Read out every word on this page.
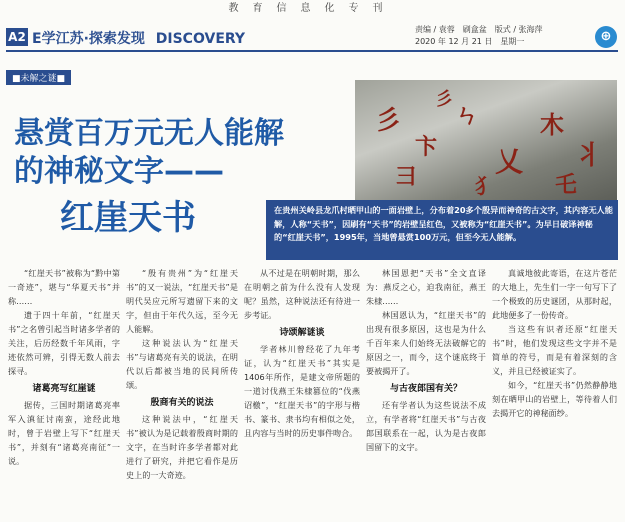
教育信息化专刊
A2 E学江苏·探索发现 DISCOVERY
责编 / 袁蓉　刷盒盆　版式 / 张海萍
2020 年 12 月 21 日　星期一	⊕
■未解之谜■
彡
卞
ㄣ
乂
木
丬
彐	犭	乇
彡
悬赏百万元无人能解
的神秘文字——
红崖天书	在贵州关岭县龙爪村晒甲山的一面岩壁上，分布着20多个殷异而神奇的古文字，其内容无人能解，人称“天书”，因刷有“天书”的岩壁呈红色，又被称为“红崖天书”。为早日破译神秘的“红崖天书”，1995年，当地曾悬赏100万元，但至今无人能解。

“红崖天书”被称为“黔中第一奇迹”，堪与“华夏天书”并称……

遗于四十年前，“红崖天书”之名曾引起当时诸多学者的关注，后历经数千年风雨，字迹依然可辨，引得无数人前去探寻。

诸葛亮写红崖谜

据传，三国时期诸葛亮率军入滇征讨南蛮，途经此地时，曾于岩壁上写下“红崖天书”，并刻有“诸葛亮南征”一说。

“殷有贵州”为“红崖天书”的又一说法，“红崖天书”是明代吴应元所写遗留下来的文字，但由于年代久远，至今无人能解。

这种说法认为“红崖天书”与诸葛亮有关的说法，在明代以后都被当地的民间所传颂。

殷商有关的说法

这种说法中，“红崖天书”被认为是记载着殷商时期的文字，在当时许多学者都对此进行了研究，并把它看作是历史上的一大奇迹。

从不过是在明朝时期，那么在明朝之前为什么没有人发现呢？虽然，这种说法还有待进一步考证。

诗颂解谜谈

学者林川曾经花了九年考证，认为“红崖天书”其实是1406年所作，是建文帝所题的一道讨伐燕王朱棣篡位的“伐燕诏檄”，“红崖天书”的字形与楷书、篆书、隶书均有相似之处，且内容与当时的历史事件吻合。

林国恩把“天书”全文直译为：燕反之心，迫我南征，燕王朱棣……

林国恩认为，“红崖天书”的出现有很多原因，这也是为什么千百年来人们始终无法破解它的原因之一，而今，这个谜底终于要被揭开了。

与古夜郎国有关？

还有学者认为这些说法不成立，有学者将“红崖天书”与古夜郎国联系在一起，认为是古夜郎国留下的文字。

真诚地彼此寄语，在这片苍茫的大地上，先生们一字一句写下了一个极致的历史谜团，从那时起，此地便多了一份传奇。

当这些有识者还原“红崖天书”时，他们发现这些文字并不是简单的符号，而是有着深刻的含义，并且已经被证实了。

如今，“红崖天书”仍然静静地刻在晒甲山的岩壁上，等待着人们去揭开它的神秘面纱。
